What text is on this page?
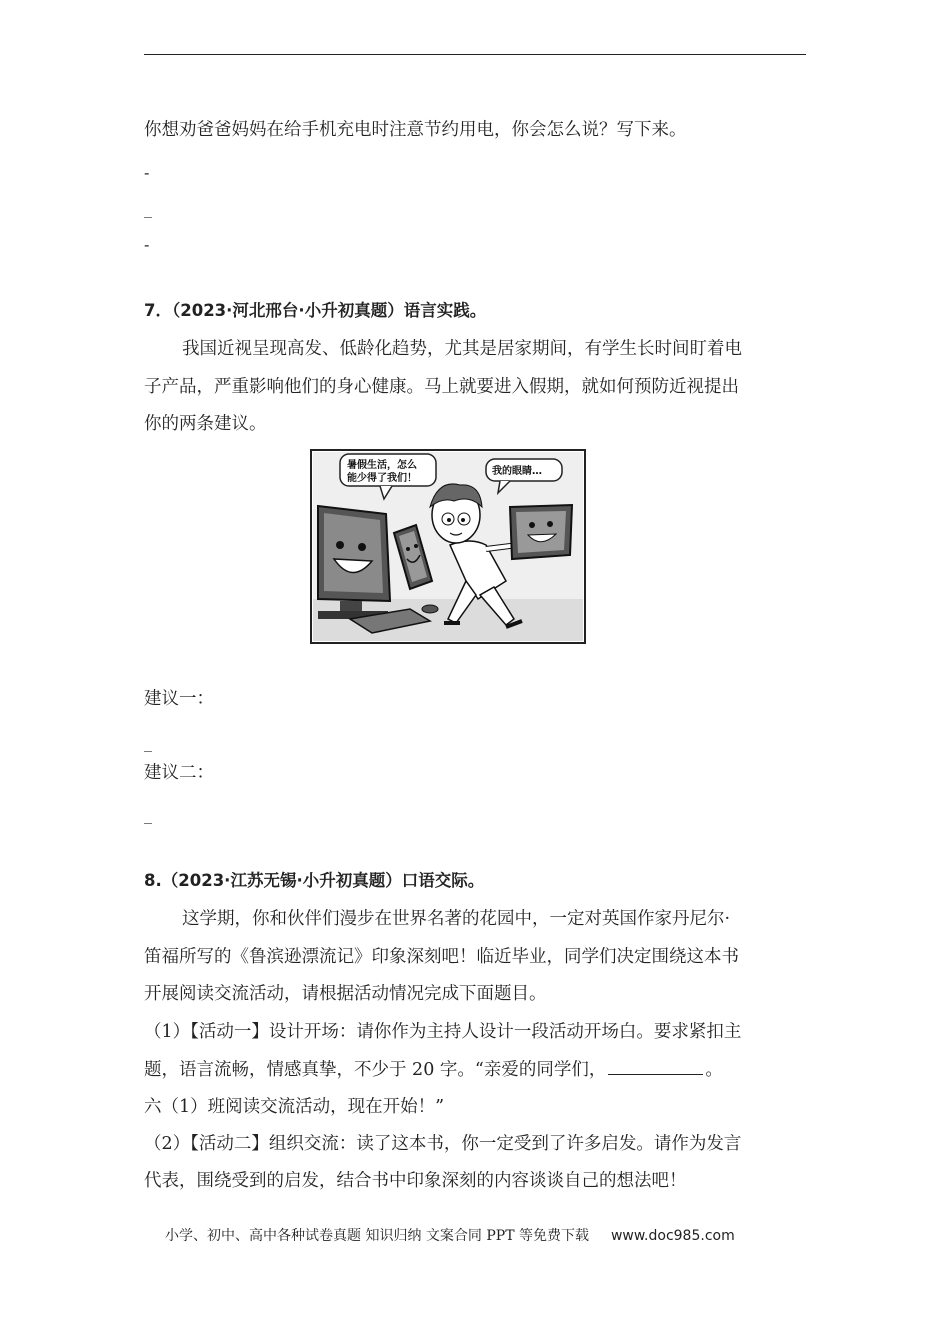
你想劝爸爸妈妈在给手机充电时注意节约用电，你会怎么说？写下来。
-
_
-
7．（2023·河北邢台·小升初真题）语言实践。
我国近视呈现高发、低龄化趋势，尤其是居家期间，有学生长时间盯着电
子产品，严重影响他们的身心健康。马上就要进入假期，就如何预防近视提出
你的两条建议。
暑假生活，怎么
能少得了我们！
我的眼睛…
建议一：
_
建议二：
_
8.（2023·江苏无锡·小升初真题）口语交际。
这学期，你和伙伴们漫步在世界名著的花园中，一定对英国作家丹尼尔·
笛福所写的《鲁滨逊漂流记》印象深刻吧！临近毕业，同学们决定围绕这本书
开展阅读交流活动，请根据活动情况完成下面题目。
（1）【活动一】设计开场：请你作为主持人设计一段活动开场白。要求紧扣主
题，语言流畅，情感真挚，不少于 20 字。“亲爱的同学们，	。
六（1）班阅读交流活动，现在开始！”
（2）【活动二】组织交流：读了这本书，你一定受到了许多启发。请作为发言
代表，围绕受到的启发，结合书中印象深刻的内容谈谈自己的想法吧！
小学、初中、高中各种试卷真题 知识归纳 文案合同 PPT 等免费下载 www.doc985.com
